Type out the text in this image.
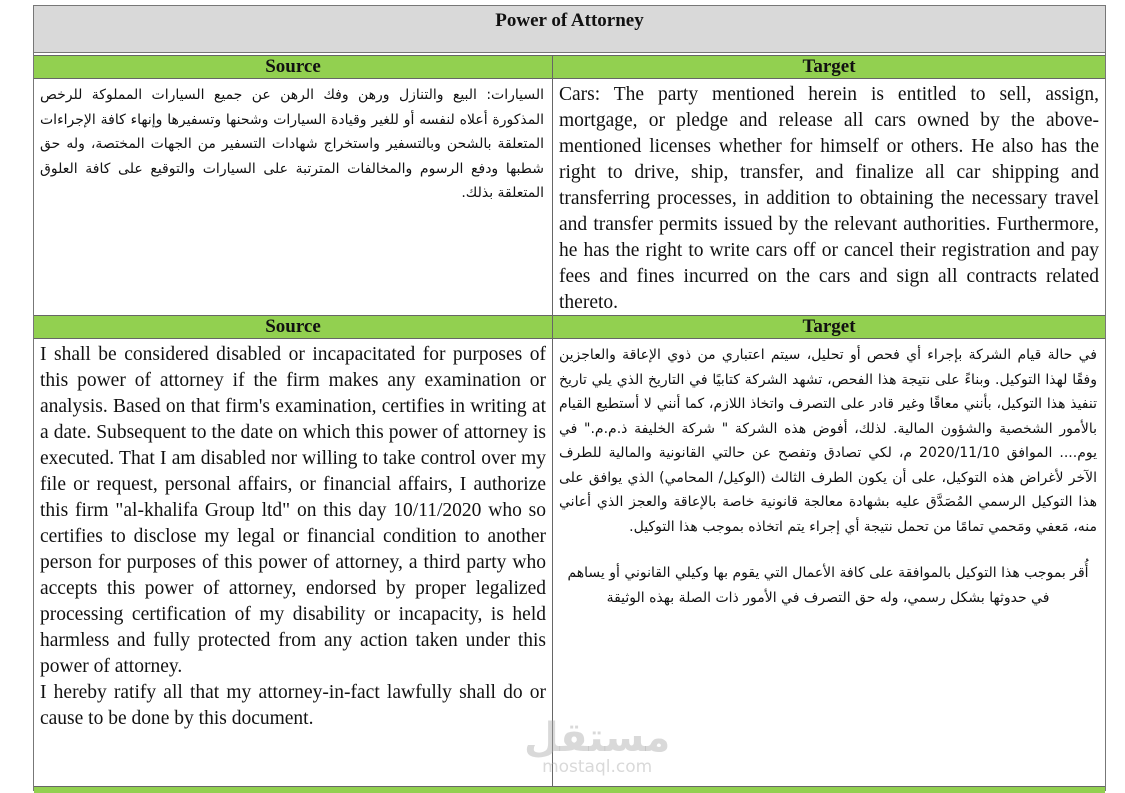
Power of Attorney
Source	Target
السيارات: البيع والتنازل ورهن وفك الرهن عن جميع السيارات المملوكة للرخص المذكورة أعلاه لنفسه أو للغير وقيادة السيارات وشحنها وتسفيرها وإنهاء كافة الإجراءات المتعلقة بالشحن وبالتسفير واستخراج شهادات التسفير من الجهات المختصة، وله حق شطبها ودفع الرسوم والمخالفات المترتبة على السيارات والتوقيع على كافة العلوق المتعلقة بذلك.
Cars: The party mentioned herein is entitled to sell, assign, mortgage, or pledge and release all cars owned by the above-mentioned licenses whether for himself or others. He also has the right to drive, ship, transfer, and finalize all car shipping and transferring processes, in addition to obtaining the necessary travel and transfer permits issued by the relevant authorities. Furthermore, he has the right to write cars off or cancel their registration and pay fees and fines incurred on the cars and sign all contracts related thereto.
Source	Target

I shall be considered disabled or incapacitated for purposes of this power of attorney if the firm makes any examination or analysis. Based on that firm's examination, certifies in writing at a date. Subsequent to the date on which this power of attorney is executed. That I am disabled nor willing to take control over my file or request, personal affairs, or financial affairs, I authorize this firm "al-khalifa Group ltd" on this day 10/11/2020 who so certifies to disclose my legal or financial condition to another person for purposes of this power of attorney, a third party who accepts this power of attorney, endorsed by proper legalized processing certification of my disability or incapacity, is held harmless and fully protected from any action taken under this power of attorney.

I hereby ratify all that my attorney-in-fact lawfully shall do or cause to be done by this document.

في حالة قيام الشركة بإجراء أي فحص أو تحليل، سيتم اعتباري من ذوي الإعاقة والعاجزين وفقًا لهذا التوكيل. وبناءً على نتيجة هذا الفحص، تشهد الشركة كتابيًا في التاريخ الذي يلي تاريخ تنفيذ هذا التوكيل، بأنني معاقًا وغير قادر على التصرف واتخاذ اللازم، كما أنني لا أستطيع القيام بالأمور الشخصية والشؤون المالية. لذلك، أفوض هذه الشركة " شركة الخليفة ذ.م.م." في يوم.... الموافق 2020/11/10 م، لكي تصادق وتفصح عن حالتي القانونية والمالية للطرف الآخر لأغراض هذه التوكيل، على أن يكون الطرف الثالث (الوكيل/ المحامي) الذي يوافق على هذا التوكيل الرسمي المُصَدَّق عليه بشهادة معالجة قانونية خاصة بالإعاقة والعجز الذي أعاني منه، مَعفي ومَحمي تمامًا من تحمل نتيجة أي إجراء يتم اتخاذه بموجب هذا التوكيل.

أُقر بموجب هذا التوكيل بالموافقة على كافة الأعمال التي يقوم بها وكيلي القانوني أو يساهم في حدوثها بشكل رسمي، وله حق التصرف في الأمور ذات الصلة بهذه الوثيقة

مستقل
mostaql.com
